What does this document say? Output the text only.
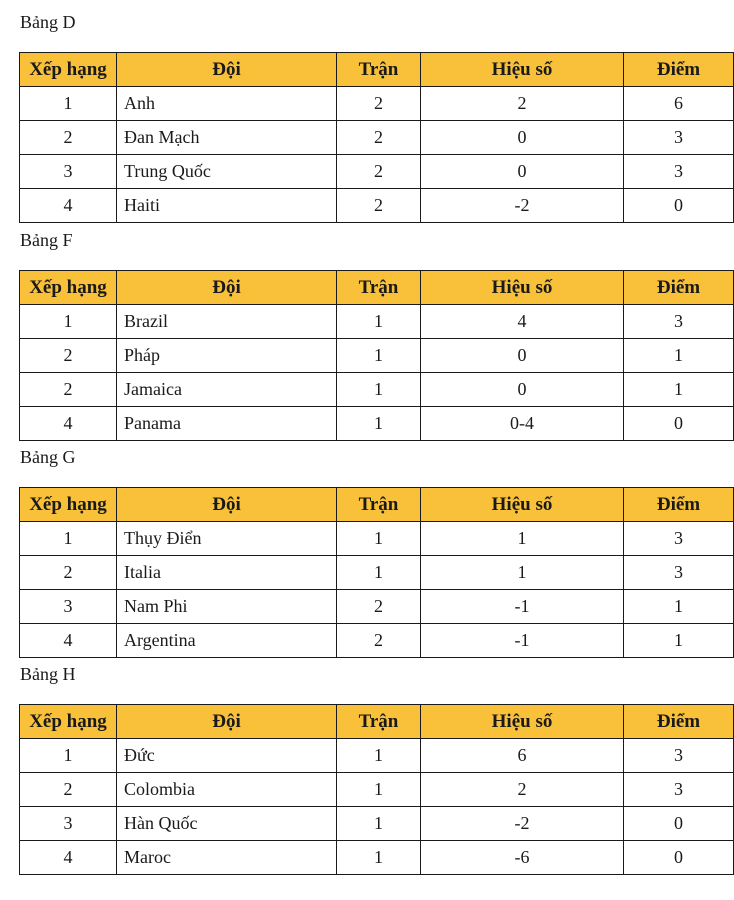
Bảng D
Xếp hạng	Đội	Trận	Hiệu số	Điểm
1	Anh	2	2	6
2	Đan Mạch	2	0	3
3	Trung Quốc	2	0	3
4	Haiti	2	-2	0
Bảng F
Xếp hạng	Đội	Trận	Hiệu số	Điểm
1	Brazil	1	4	3
2	Pháp	1	0	1
2	Jamaica	1	0	1
4	Panama	1	0-4	0
Bảng G
Xếp hạng	Đội	Trận	Hiệu số	Điểm
1	Thụy Điển	1	1	3
2	Italia	1	1	3
3	Nam Phi	2	-1	1
4	Argentina	2	-1	1
Bảng H
Xếp hạng	Đội	Trận	Hiệu số	Điểm
1	Đức	1	6	3
2	Colombia	1	2	3
3	Hàn Quốc	1	-2	0
4	Maroc	1	-6	0
